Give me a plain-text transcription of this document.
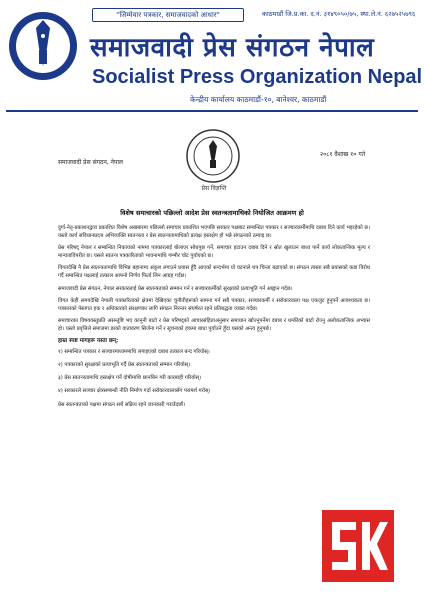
"जिम्मेवार पत्रकार, समाजवादको आधार"	काठमाडौं जि.प्र.का. द.नं. ३१४९०५०/७५, स्था.ले.नं. ६२७५२५७९६
समाजवादी प्रेस संगठन नेपाल
Socialist Press Organization Nepal
केन्द्रीय कार्यालय काठमाडौं-१०, बानेश्वर, काठमाडौं
प्रेस विज्ञप्ति
समाजवादी प्रेस संगठन, नेपाल
२०८१ वैशाख १० गते
विशेष समाचारको पछिल्लो आदेश प्रेस स्वतन्त्रतामाथिको नियोजित आक्रमण हो

दुर्गा-नेतृ-प्रकाशनद्वारा प्रकाशित विशेष अखबारमा पछिल्लो समाचार प्रकाशित भएपछि सरकार पक्षबाट सम्बन्धित पत्रकार र सञ्चारकर्मीमाथि दबाब दिने कार्य भइरहेको छ। यस्तो कार्य संविधानप्रदत्त अभिव्यक्ति स्वतन्त्रता र प्रेस स्वतन्त्रतामाथिको प्रत्यक्ष हस्तक्षेप हो भन्ने संगठनको ठम्याइ छ।

प्रेस परिषद् नेपाल र सम्बन्धित निकायको नाममा पत्रकारलाई बोलाएर सोधपुछ गर्ने, समाचार हटाउन दबाब दिने र स्रोत खुलाउन बाध्य पार्ने कार्य लोकतान्त्रिक मूल्य र मान्यताविपरीत छ। यसले स्वतन्त्र पत्रकारिताको भावनामाथि गम्भीर चोट पुर्याएको छ।

विगतदेखि नै प्रेस स्वतन्त्रतामाथि विभिन्न बहानामा अंकुश लगाउने प्रयास हुँदै आएको सन्दर्भमा यो घटनाले थप चिन्ता बढाएको छ। संगठन त्यस्ता सबै प्रयासको कडा विरोध गर्दै सम्बन्धित पक्षलाई तत्काल आफ्नो निर्णय फिर्ता लिन आग्रह गर्दछ।

समाजवादी प्रेस संगठन, नेपाल सरकारलाई प्रेस स्वतन्त्रताको सम्मान गर्न र सञ्चारकर्मीको सुरक्षाको प्रत्याभूति गर्न आह्वान गर्दछ।

विगत केही समयदेखि नेपाली पत्रकारिताको क्षेत्रमा देखिएका चुनौतीहरूको सामना गर्न सबै पत्रकार, सञ्चारकर्मी र सरोकारवाला पक्ष एकजुट हुनुपर्ने आवश्यकता छ। पत्रकारको पेसागत हक र अधिकारको संरक्षणका लागि संगठन निरन्तर संघर्षरत रहने प्रतिबद्धता व्यक्त गर्दछ।

समाचारका विषयवस्तुप्रति असन्तुष्टि भए कानुनी बाटो र प्रेस परिषद्को आचारसंहिताअनुसार समाधान खोज्नुपर्नेमा दबाब र धम्कीको बाटो रोज्नु अलोकतान्त्रिक अभ्यास हो। यस्तो प्रवृत्तिले समाजमा डरको वातावरण सिर्जना गर्ने र सूचनाको हकमा बाधा पुर्याउने हुँदा यसको अन्त्य हुनुपर्छ।

हाम्रा स्पष्ट मागहरू यस्ता छन्:
१) सम्बन्धित पत्रकार र सञ्चारमाध्यममाथि लगाइएको दबाब तत्काल बन्द गरियोस्।
२) पत्रकारको सुरक्षाको प्रत्याभूति गर्दै प्रेस स्वतन्त्रताको सम्मान गरियोस्।
३) प्रेस स्वतन्त्रतामाथि हस्तक्षेप गर्ने दोषीमाथि छानबिन गरी कारबाही गरियोस्।
४) सरकारले सञ्चार क्षेत्रसम्बन्धी नीति निर्माण गर्दा सरोकारवालासँग परामर्श गरोस्।

प्रेस स्वतन्त्रताको पक्षमा संगठन सधैं सक्रिय रहने जानकारी गराउँदछौं।
